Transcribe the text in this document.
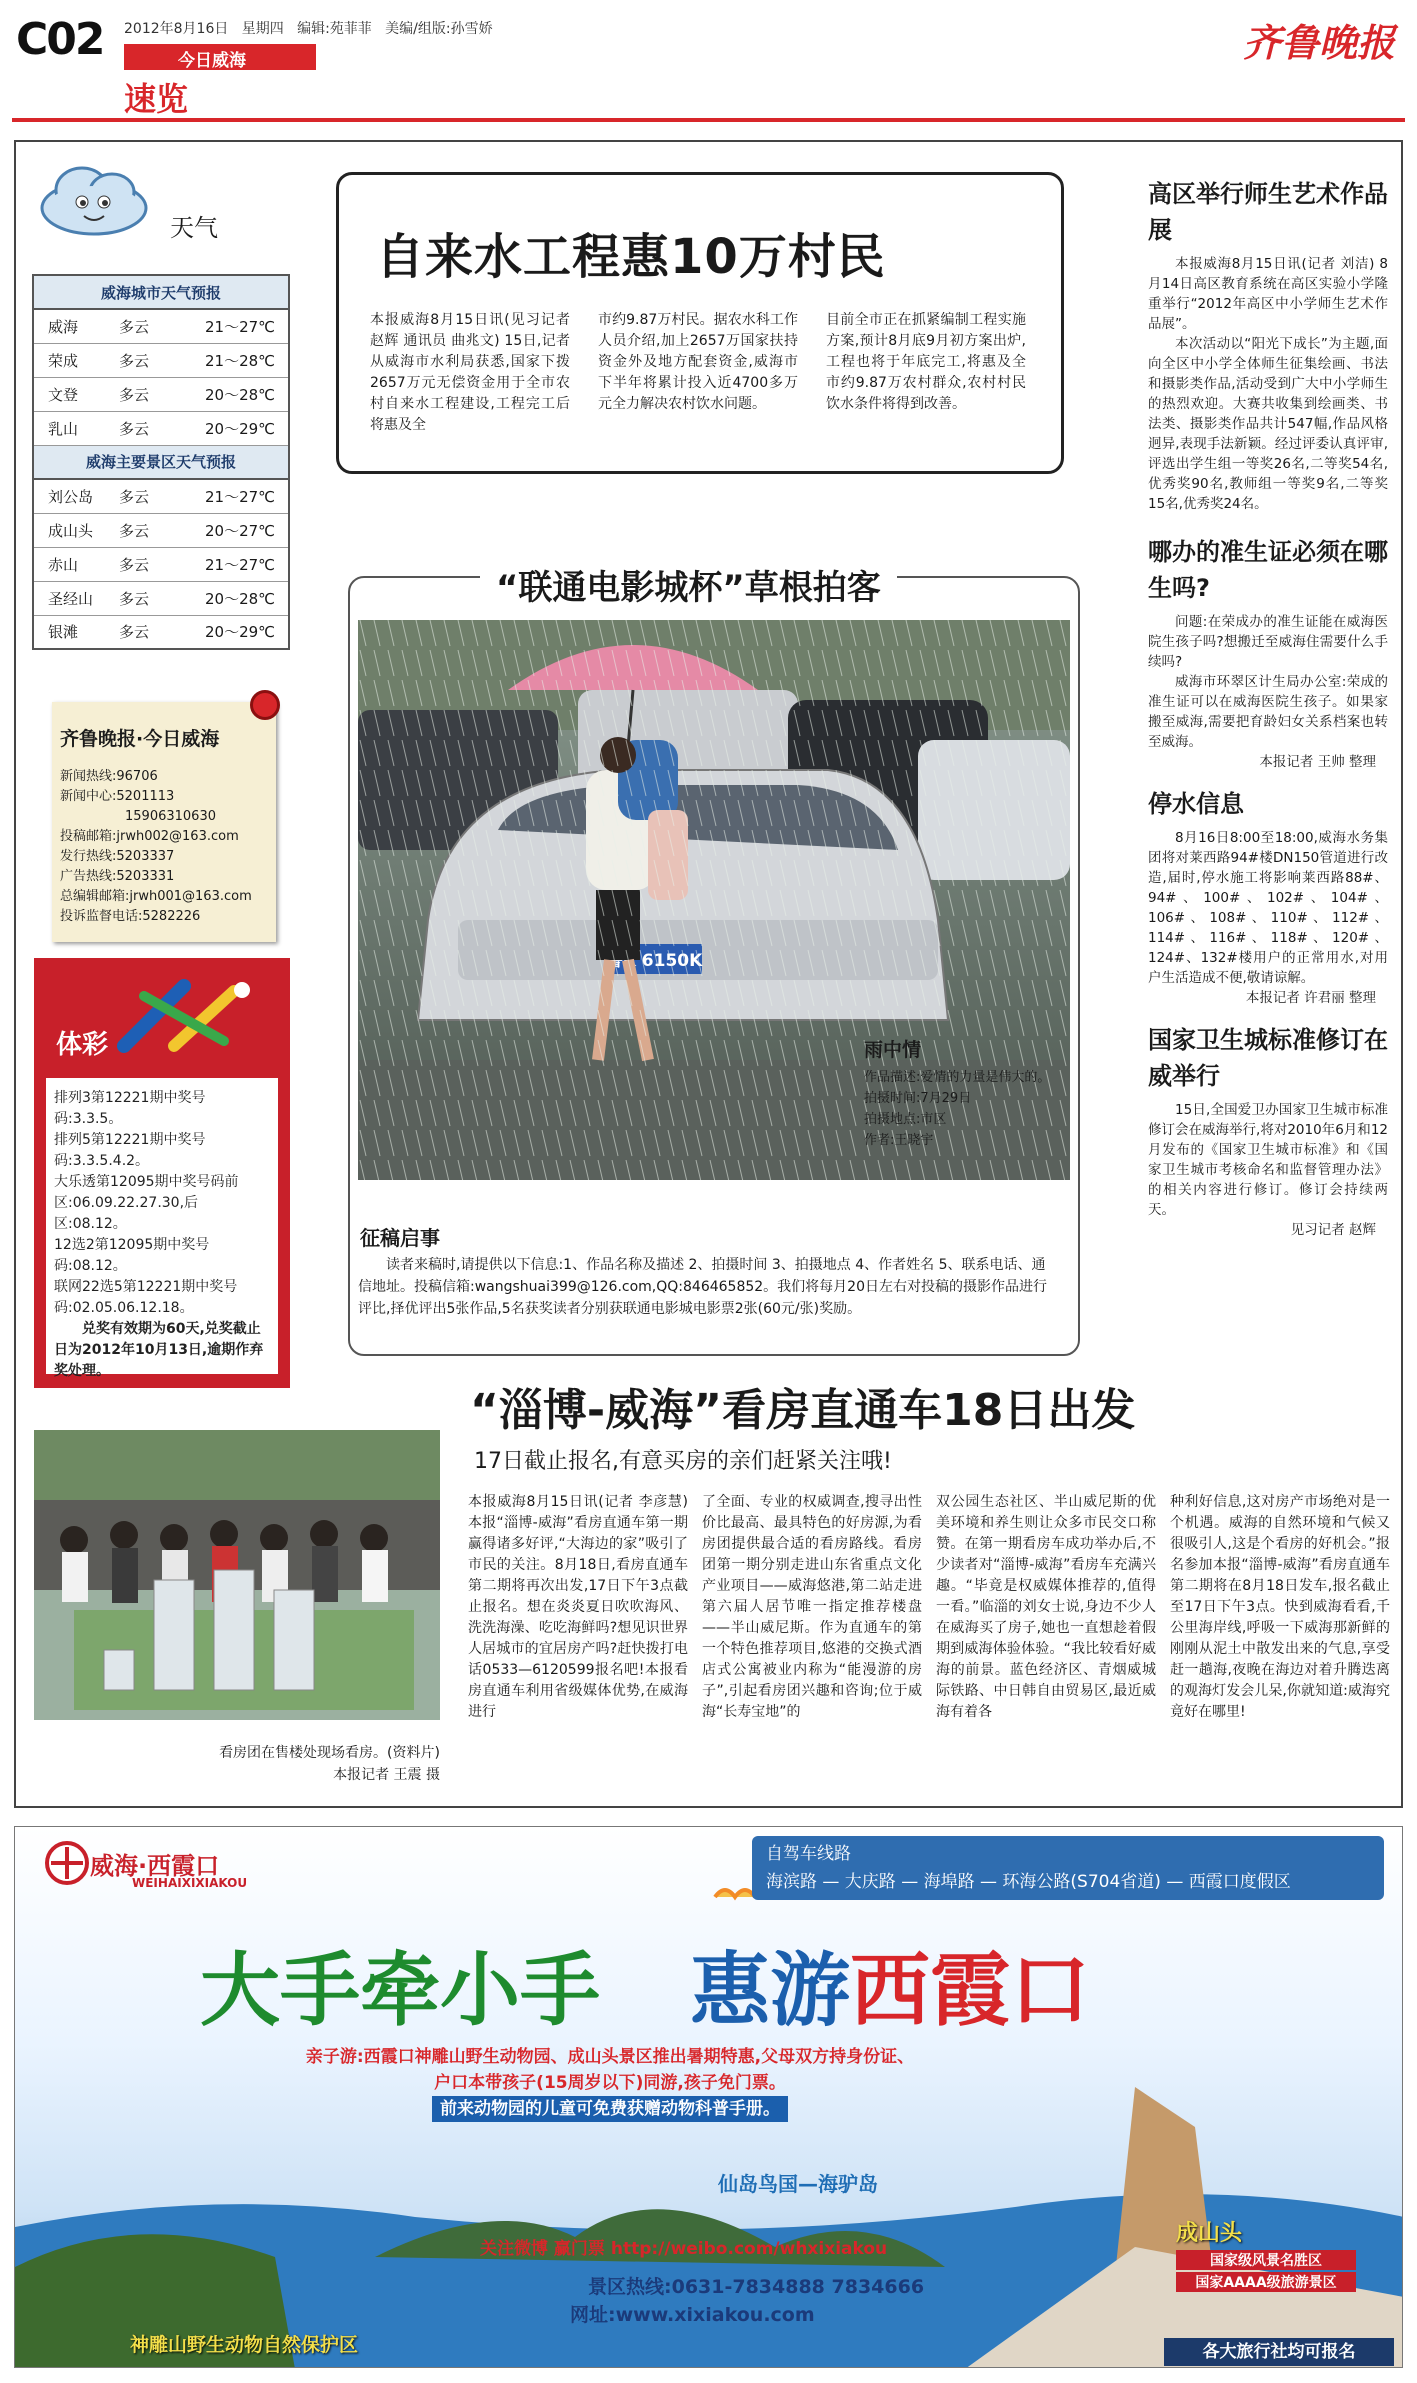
C02 2012年8月16日 星期四 编辑:苑菲菲 美编/组版:孙雪娇
今日威海
速览
齐鲁晚报
天气
威海城市天气预报		
威海	多云	21～27℃
荣成	多云	21～28℃
文登	多云	20～28℃
乳山	多云	20～29℃
威海主要景区天气预报		
刘公岛	多云	21～27℃
成山头	多云	20～27℃
赤山	多云	21～27℃
圣经山	多云	20～28℃
银滩	多云	20～29℃
齐鲁晚报·今日威海
新闻热线:96706
新闻中心:5201113
　　　　　15906310630
投稿邮箱:jrwh002@163.com
发行热线:5203337
广告热线:5203331
总编辑邮箱:jrwh001@163.com
投诉监督电话:5282226
体彩
排列3第12221期中奖号码:3.3.5。
排列5第12221期中奖号码:3.3.5.4.2。
大乐透第12095期中奖号码前区:06.09.22.27.30,后区:08.12。
12选2第12095期中奖号码:08.12。
联网22选5第12221期中奖号码:02.05.06.12.18。
兑奖有效期为60天,兑奖截止日为2012年10月13日,逾期作弃奖处理。
自来水工程惠10万村民
本报威海8月15日讯(见习记者 赵辉 通讯员 曲兆文) 15日,记者从威海市水利局获悉,国家下拨2657万元无偿资金用于全市农村自来水工程建设,工程完工后将惠及全
市约9.87万村民。据农水科工作人员介绍,加上2657万国家扶持资金外及地方配套资金,威海市下半年将累计投入近4700多万元全力解决农村饮水问题。
目前全市正在抓紧编制工程实施方案,预计8月底9月初方案出炉,工程也将于年底完工,将惠及全市约9.87万农村群众,农村村民饮水条件将得到改善。
“联通电影城杯”草根拍客
雨中情
作品描述:爱情的力量是伟大的。
拍摄时间:7月29日
拍摄地点:市区
作者:王晓宇
征稿启事
读者来稿时,请提供以下信息:1、作品名称及描述 2、拍摄时间 3、拍摄地点 4、作者姓名 5、联系电话、通信地址。投稿信箱:wangshuai399@126.com,QQ:846465852。我们将每月20日左右对投稿的摄影作品进行评比,择优评出5张作品,5名获奖读者分别获联通电影城电影票2张(60元/张)奖励。
高区举行师生艺术作品展
本报威海8月15日讯(记者 刘洁) 8月14日高区教育系统在高区实验小学隆重举行“2012年高区中小学师生艺术作品展”。
本次活动以“阳光下成长”为主题,面向全区中小学全体师生征集绘画、书法和摄影类作品,活动受到广大中小学师生的热烈欢迎。大赛共收集到绘画类、书法类、摄影类作品共计547幅,作品风格迥异,表现手法新颖。经过评委认真评审,评选出学生组一等奖26名,二等奖54名,优秀奖90名,教师组一等奖9名,二等奖15名,优秀奖24名。
哪办的准生证必须在哪生吗?
问题:在荣成办的准生证能在威海医院生孩子吗?想搬迁至威海住需要什么手续吗?
威海市环翠区计生局办公室:荣成的准生证可以在威海医院生孩子。如果家搬至威海,需要把育龄妇女关系档案也转至威海。
本报记者 王帅 整理
停水信息
8月16日8:00至18:00,威海水务集团将对莱西路94#楼DN150管道进行改造,届时,停水施工将影响莱西路88#、94#、100#、102#、104#、106#、108#、110#、112#、114#、116#、118#、120#、124#、132#楼用户的正常用水,对用户生活造成不便,敬请谅解。
本报记者 许君丽 整理
国家卫生城标准修订在威举行
15日,全国爱卫办国家卫生城市标准修订会在威海举行,将对2010年6月和12月发布的《国家卫生城市标准》和《国家卫生城市考核命名和监督管理办法》的相关内容进行修订。修订会持续两天。
见习记者 赵辉
“淄博-威海”看房直通车18日出发
17日截止报名,有意买房的亲们赶紧关注哦!
看房团在售楼处现场看房。(资料片)
本报记者 王震 摄
本报威海8月15日讯(记者 李彦慧) 本报“淄博-威海”看房直通车第一期赢得诸多好评,“大海边的家”吸引了市民的关注。8月18日,看房直通车第二期将再次出发,17日下午3点截止报名。想在炎炎夏日吹吹海风、洗洗海澡、吃吃海鲜吗?想见识世界人居城市的宜居房产吗?赶快拨打电话0533—6120599报名吧!本报看房直通车利用省级媒体优势,在威海进行
了全面、专业的权威调查,搜寻出性价比最高、最具特色的好房源,为看房团提供最合适的看房路线。看房团第一期分别走进山东省重点文化产业项目——威海悠港,第二站走进第六届人居节唯一指定推荐楼盘——半山威尼斯。作为直通车的第一个特色推荐项目,悠港的交换式酒店式公寓被业内称为“能漫游的房子”,引起看房团兴趣和咨询;位于威海“长寿宝地”的
双公园生态社区、半山威尼斯的优美环境和养生则让众多市民交口称赞。在第一期看房车成功举办后,不少读者对“淄博-威海”看房车充满兴趣。“毕竟是权威媒体推荐的,值得一看。”临淄的刘女士说,身边不少人在威海买了房子,她也一直想趁着假期到威海体验体验。“我比较看好威海的前景。蓝色经济区、青烟威城际铁路、中日韩自由贸易区,最近威海有着各
种利好信息,这对房产市场绝对是一个机遇。威海的自然环境和气候又很吸引人,这是个看房的好机会。”报名参加本报“淄博-威海”看房直通车第二期将在8月18日发车,报名截止至17日下午3点。快到威海看看,千公里海岸线,呼吸一下威海那新鲜的刚刚从泥土中散发出来的气息,享受赶一趟海,夜晚在海边对着升腾迭离的观海灯发会儿呆,你就知道:威海究竟好在哪里!
威海·西霞口
WEIHAIXIXIAKOU
自驾车线路
海滨路 — 大庆路 — 海埠路 — 环海公路(S704省道) — 西霞口度假区
大手牵小手 惠游西霞口
亲子游:西霞口神雕山野生动物园、成山头景区推出暑期特惠,父母双方持身份证、
户口本带孩子(15周岁以下)同游,孩子免门票。
前来动物园的儿童可免费获赠动物科普手册。
仙岛鸟国—海驴岛
关注微博 赢门票 http://weibo.com/whxixiakou
景区热线:0631-7834888 7834666
网址:www.xixiakou.com
神雕山野生动物自然保护区
成山头
国家级风景名胜区
国家AAAA级旅游景区
各大旅行社均可报名
